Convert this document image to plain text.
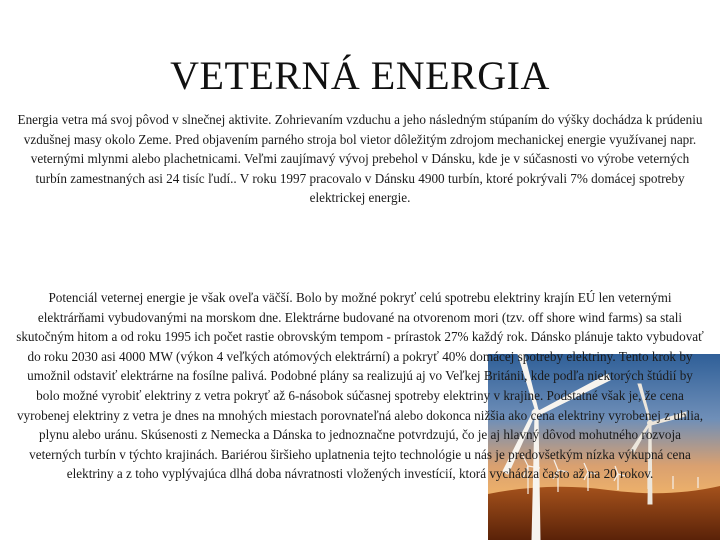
VETERNÁ ENERGIA

Energia vetra má svoj pôvod v slnečnej aktivite. Zohrievaním vzduchu a jeho následným stúpaním do výšky dochádza k prúdeniu vzdušnej masy okolo Zeme. Pred objavením parného stroja bol vietor dôležitým zdrojom mechanickej energie využívanej napr. veternými mlynmi alebo plachetnicami. Veľmi zaujímavý vývoj prebehol v Dánsku, kde je v súčasnosti vo výrobe veterných turbín zamestnaných asi 24 tisíc ľudí.. V roku 1997 pracovalo v Dánsku 4900 turbín, ktoré pokrývali 7% domácej spotreby elektrickej energie.

Potenciál veternej energie je však oveľa väčší. Bolo by možné pokryť celú spotrebu elektriny krajín EÚ len veternými elektrárňami vybudovanými na morskom dne. Elektrárne budované na otvorenom mori (tzv. off shore wind farms) sa stali skutočným hitom a od roku 1995 ich počet rastie obrovským tempom - prírastok 27% každý rok. Dánsko plánuje takto vybudovať do roku 2030 asi 4000 MW (výkon 4 veľkých atómových elektrární) a pokryť 40% domácej spotreby elektriny. Tento krok by umožnil odstaviť elektrárne na fosílne palivá. Podobné plány sa realizujú aj vo Veľkej Británii, kde podľa niektorých štúdií by bolo možné vyrobiť elektriny z vetra pokryť až 6-násobok súčasnej spotreby elektriny v krajine. Podstatné však je, že cena vyrobenej elektriny z vetra je dnes na mnohých miestach porovnateľná alebo dokonca nižšia ako cena elektriny vyrobenej z uhlia, plynu alebo uránu. Skúsenosti z Nemecka a Dánska to jednoznačne potvrdzujú, čo je aj hlavný dôvod mohutného rozvoja veterných turbín v týchto krajinách. Bariérou širšieho uplatnenia tejto technológie u nás je predovšetkým nízka výkupná cena elektriny a z toho vyplývajúca dlhá doba návratnosti vložených investícií, ktorá vychádza často až na 20 rokov.
